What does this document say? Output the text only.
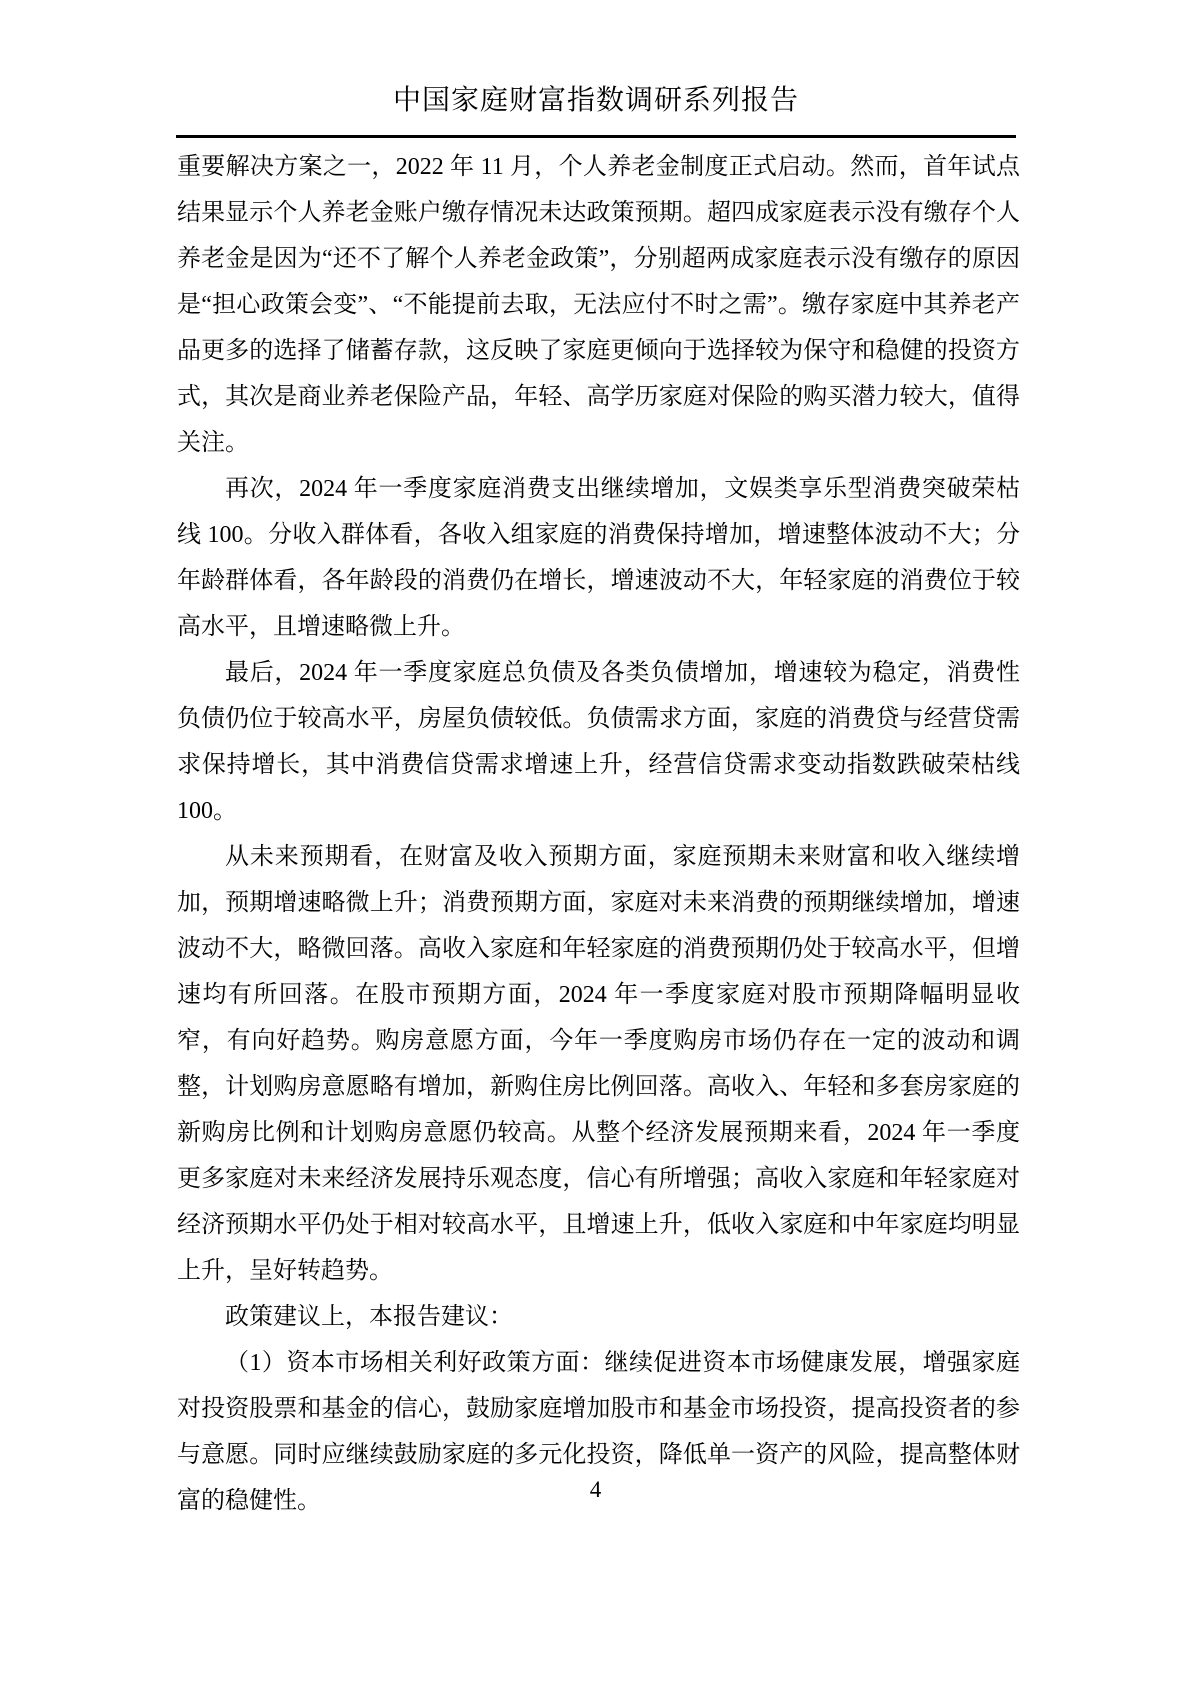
中国家庭财富指数调研系列报告

重要解决方案之一，2022 年 11 月，个人养老金制度正式启动。然而，首年试点结果显示个人养老金账户缴存情况未达政策预期。超四成家庭表示没有缴存个人养老金是因为“还不了解个人养老金政策”，分别超两成家庭表示没有缴存的原因是“担心政策会变”、“不能提前去取，无法应付不时之需”。缴存家庭中其养老产品更多的选择了储蓄存款，这反映了家庭更倾向于选择较为保守和稳健的投资方式，其次是商业养老保险产品，年轻、高学历家庭对保险的购买潜力较大，值得关注。

再次，2024 年一季度家庭消费支出继续增加，文娱类享乐型消费突破荣枯线 100。分收入群体看，各收入组家庭的消费保持增加，增速整体波动不大；分年龄群体看，各年龄段的消费仍在增长，增速波动不大，年轻家庭的消费位于较高水平，且增速略微上升。

最后，2024 年一季度家庭总负债及各类负债增加，增速较为稳定，消费性负债仍位于较高水平，房屋负债较低。负债需求方面，家庭的消费贷与经营贷需求保持增长，其中消费信贷需求增速上升，经营信贷需求变动指数跌破荣枯线 100。

从未来预期看，在财富及收入预期方面，家庭预期未来财富和收入继续增加，预期增速略微上升；消费预期方面，家庭对未来消费的预期继续增加，增速波动不大，略微回落。高收入家庭和年轻家庭的消费预期仍处于较高水平，但增速均有所回落。在股市预期方面，2024 年一季度家庭对股市预期降幅明显收窄，有向好趋势。购房意愿方面，今年一季度购房市场仍存在一定的波动和调整，计划购房意愿略有增加，新购住房比例回落。高收入、年轻和多套房家庭的新购房比例和计划购房意愿仍较高。从整个经济发展预期来看，2024 年一季度更多家庭对未来经济发展持乐观态度，信心有所增强；高收入家庭和年轻家庭对经济预期水平仍处于相对较高水平，且增速上升，低收入家庭和中年家庭均明显上升，呈好转趋势。

政策建议上，本报告建议：

（1）资本市场相关利好政策方面：继续促进资本市场健康发展，增强家庭对投资股票和基金的信心，鼓励家庭增加股市和基金市场投资，提高投资者的参与意愿。同时应继续鼓励家庭的多元化投资，降低单一资产的风险，提高整体财富的稳健性。	4
